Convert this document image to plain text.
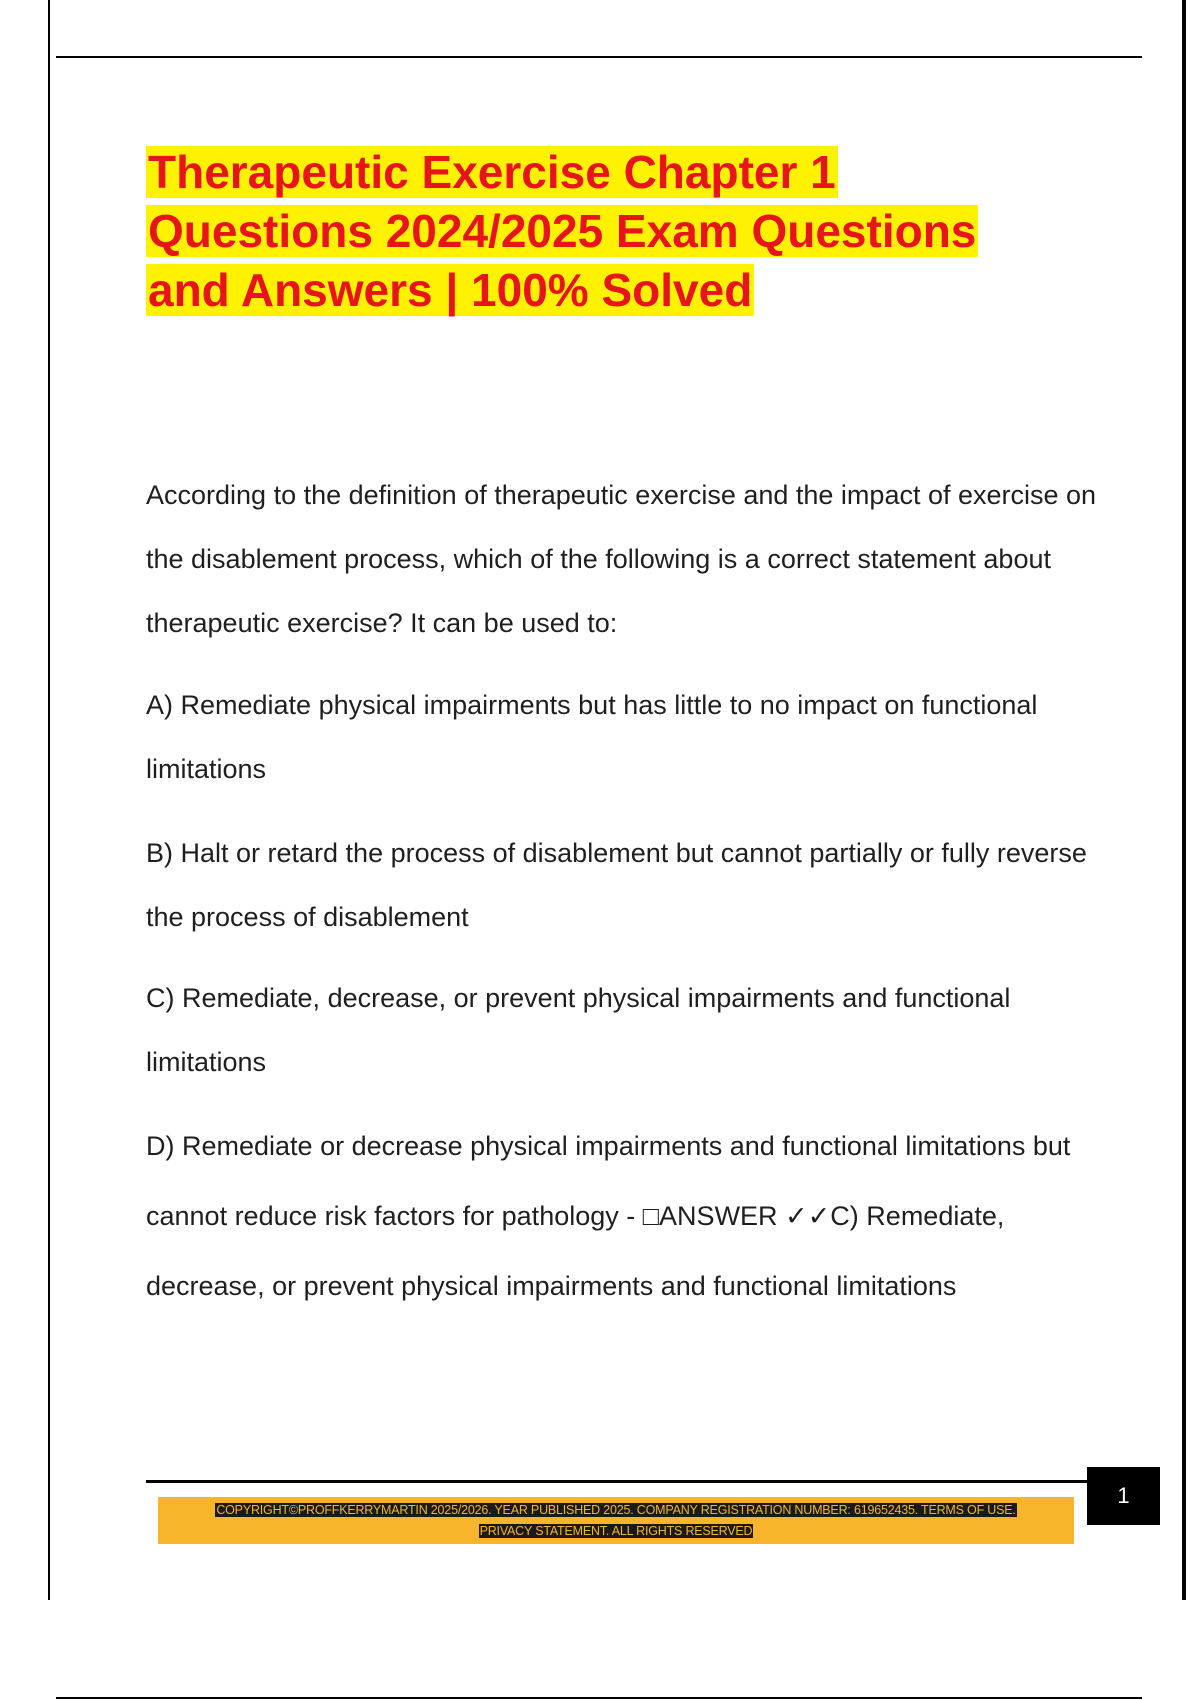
Therapeutic Exercise Chapter 1
Questions 2024/2025 Exam Questions
and Answers | 100% Solved

According to the definition of therapeutic exercise and the impact of exercise on the disablement process, which of the following is a correct statement about therapeutic exercise? It can be used to:

A) Remediate physical impairments but has little to no impact on functional limitations

B) Halt or retard the process of disablement but cannot partially or fully reverse the process of disablement

C) Remediate, decrease, or prevent physical impairments and functional limitations

D) Remediate or decrease physical impairments and functional limitations but cannot reduce risk factors for pathology - □ANSWER ✓✓C) Remediate, decrease, or prevent physical impairments and functional limitations

COPYRIGHT©PROFFKERRYMARTIN 2025/2026. YEAR PUBLISHED 2025. COMPANY REGISTRATION NUMBER: 619652435. TERMS OF USE.
PRIVACY STATEMENT. ALL RIGHTS RESERVED
1
